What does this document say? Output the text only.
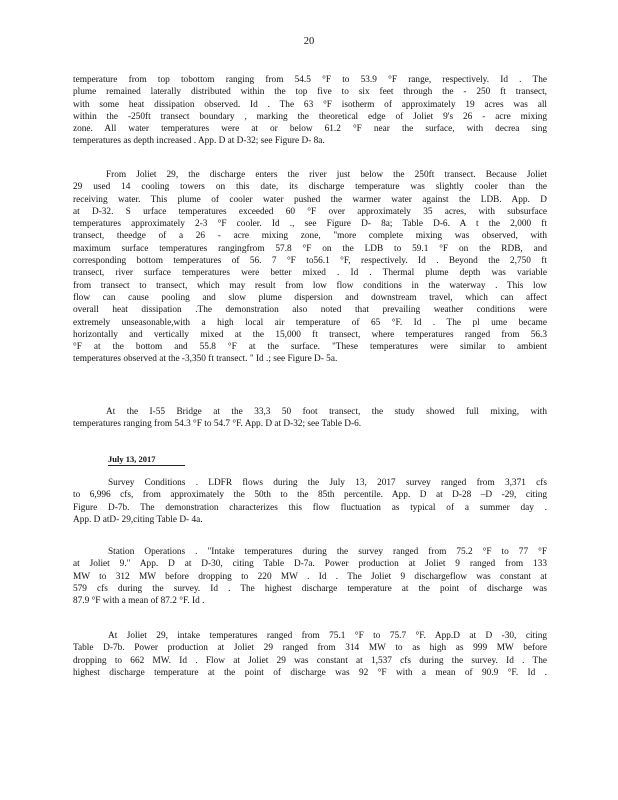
20
temperature from top tobottom ranging from 54.5 °F to 53.9 °F range, respectively. Id . The
plume remained laterally distributed within the top five to six feet through the - 250 ft transect,
with some heat dissipation observed. Id . The 63 °F isotherm of approximately 19 acres was all
within the -250ft transect boundary , marking the theoretical edge of Joliet 9's 26 - acre mixing
zone. All water temperatures were at or below 61.2 °F near the surface, with decrea sing
temperatures as depth increased . App. D at D-32; see Figure D- 8a.
From Joliet 29, the discharge enters the river just below the 250ft transect. Because Joliet
29 used 14 cooling towers on this date, its discharge temperature was slightly cooler than the
receiving water. This plume of cooler water pushed the warmer water against the LDB. App. D
at D-32. S urface temperatures exceeded 60 °F over approximately 35 acres, with subsurface
temperatures approximately 2-3 °F cooler. Id ., see Figure D- 8a; Table D-6. A t the 2,000 ft
transect, theedge of a 26 - acre mixing zone, "more complete mixing was observed, with
maximum surface temperatures rangingfrom 57.8 °F on the LDB to 59.1 °F on the RDB, and
corresponding bottom temperatures of 56. 7 °F to56.1 °F, respectively. Id . Beyond the 2,750 ft
transect, river surface temperatures were better mixed . Id . Thermal plume depth was variable
from transect to transect, which may result from low flow conditions in the waterway . This low
flow can cause pooling and slow plume dispersion and downstream travel, which can affect
overall heat dissipation .The demonstration also noted that prevailing weather conditions were
extremely unseasonable,with a high local air temperature of 65 °F. Id . The pl ume became
horizontally and vertically mixed at the 15,000 ft transect, where temperatures ranged from 56.3
°F at the bottom and 55.8 °F at the surface. "These temperatures were similar to ambient
temperatures observed at the -3,350 ft transect. " Id .; see Figure D- 5a.
At the I-55 Bridge at the 33,3 50 foot transect, the study showed full mixing, with
temperatures ranging from 54.3 °F to 54.7 °F. App. D at D-32; see Table D-6.
July 13, 2017
Survey Conditions . LDFR flows during the July 13, 2017 survey ranged from 3,371 cfs
to 6,996 cfs, from approximately the 50th to the 85th percentile. App. D at D-28 –D -29, citing
Figure D-7b. The demonstration characterizes this flow fluctuation as typical of a summer day .
App. D atD- 29,citing Table D- 4a.
Station Operations . "Intake temperatures during the survey ranged from 75.2 °F to 77 °F
at Joliet 9." App. D at D-30, citing Table D-7a. Power production at Joliet 9 ranged from 133
MW to 312 MW before dropping to 220 MW . Id . The Joliet 9 dischargeflow was constant at
579 cfs during the survey. Id . The highest discharge temperature at the point of discharge was
87.9 °F with a mean of 87.2 °F. Id .
At Joliet 29, intake temperatures ranged from 75.1 °F to 75.7 °F. App.D at D -30, citing
Table D-7b. Power production at Joliet 29 ranged from 314 MW to as high as 999 MW before
dropping to 662 MW. Id . Flow at Joliet 29 was constant at 1,537 cfs during the survey. Id . The
highest discharge temperature at the point of discharge was 92 °F with a mean of 90.9 °F. Id .
